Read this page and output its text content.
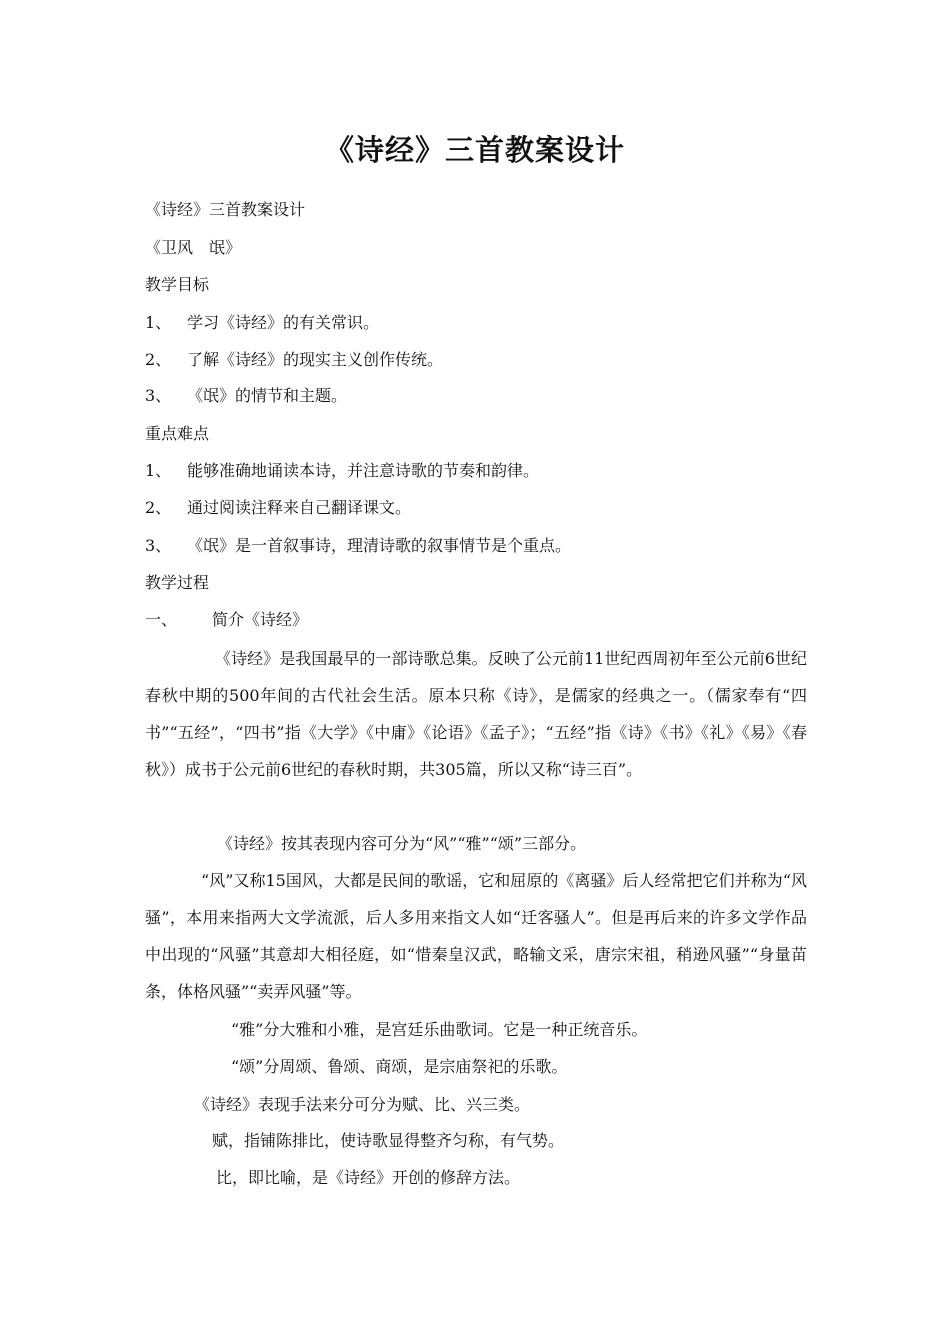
《诗经》三首教案设计
《诗经》三首教案设计
《卫风　氓》
教学目标
1、 学习《诗经》的有关常识。
2、 了解《诗经》的现实主义创作传统。
3、 《氓》的情节和主题。
重点难点
1、 能够准确地诵读本诗，并注意诗歌的节奏和韵律。
2、 通过阅读注释来自己翻译课文。
3、 《氓》是一首叙事诗，理清诗歌的叙事情节是个重点。
教学过程
一、 简介《诗经》
《诗经》是我国最早的一部诗歌总集。反映了公元前11世纪西周初年至公元前6世纪春秋中期的500年间的古代社会生活。原本只称《诗》，是儒家的经典之一。（儒家奉有“四书”“五经”，“四书”指《大学》《中庸》《论语》《孟子》；“五经”指《诗》《书》《礼》《易》《春秋》）成书于公元前6世纪的春秋时期，共305篇，所以又称“诗三百”。
《诗经》按其表现内容可分为“风”“雅”“颂”三部分。
“风”又称15国风，大都是民间的歌谣，它和屈原的《离骚》后人经常把它们并称为“风骚”，本用来指两大文学流派，后人多用来指文人如“迁客骚人”。但是再后来的许多文学作品中出现的“风骚”其意却大相径庭，如“惜秦皇汉武，略输文采，唐宗宋祖，稍逊风骚”“身量苗条，体格风骚”“卖弄风骚”等。
“雅”分大雅和小雅，是宫廷乐曲歌词。它是一种正统音乐。
“颂”分周颂、鲁颂、商颂，是宗庙祭祀的乐歌。
《诗经》表现手法来分可分为赋、比、兴三类。
赋，指铺陈排比，使诗歌显得整齐匀称，有气势。
比，即比喻，是《诗经》开创的修辞方法。
